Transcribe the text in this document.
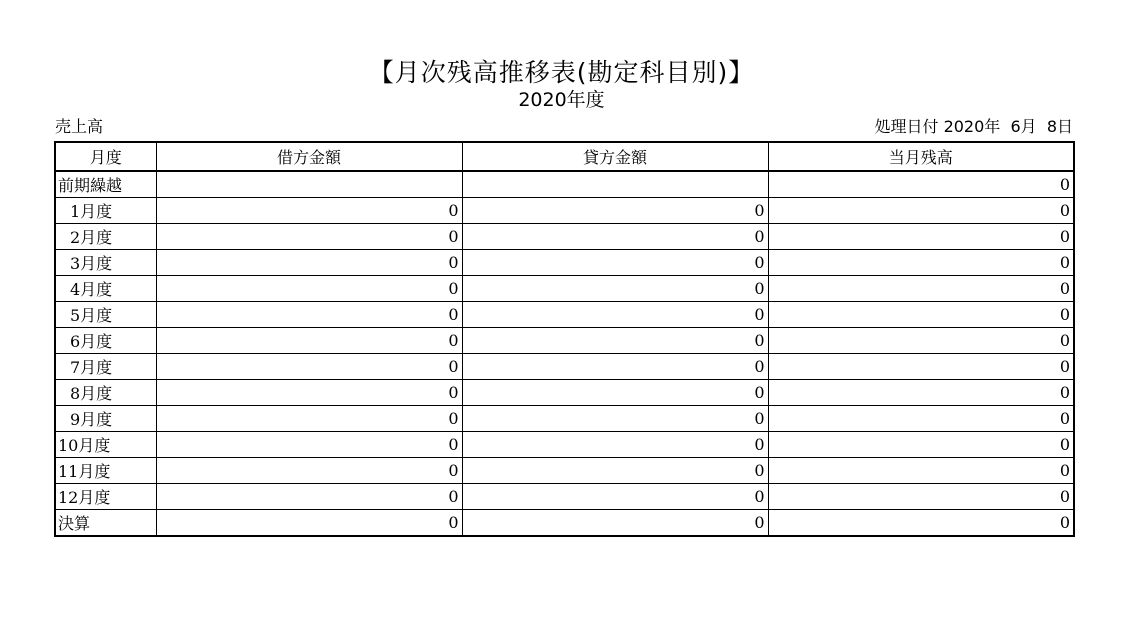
【月次残高推移表(勘定科目別)】
2020年度
売上高	処理日付 2020年  6月  8日
月度	借方金額	貸方金額	当月残高
前期繰越			0
1月度	0	0	0
2月度	0	0	0
3月度	0	0	0
4月度	0	0	0
5月度	0	0	0
6月度	0	0	0
7月度	0	0	0
8月度	0	0	0
9月度	0	0	0
10月度	0	0	0
11月度	0	0	0
12月度	0	0	0
決算	0	0	0
